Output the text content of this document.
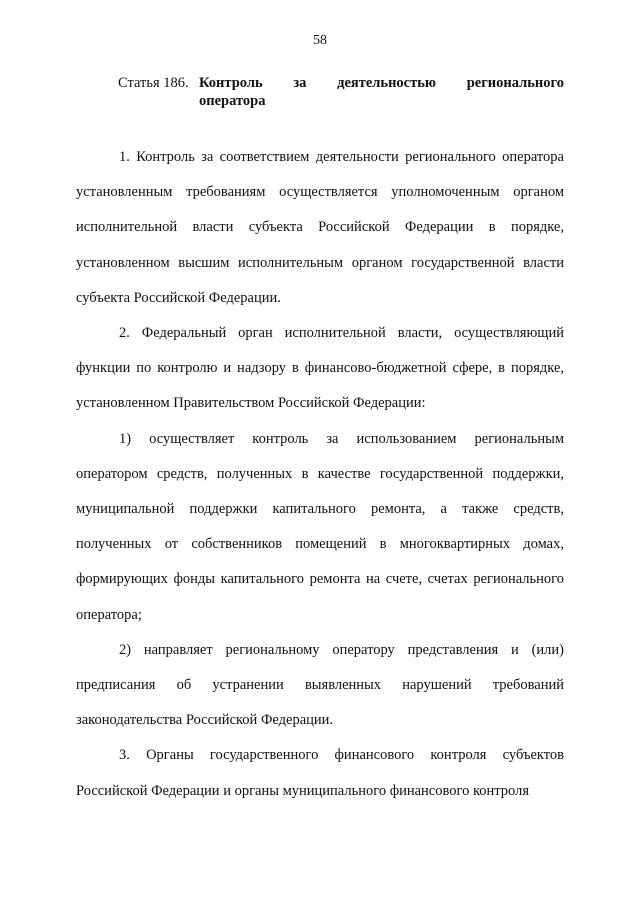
58
Статья 186. Контроль за деятельностью регионального
оператора

1. Контроль за соответствием деятельности регионального оператора установленным требованиям осуществляется уполномоченным органом исполнительной власти субъекта Российской Федерации в порядке, установленном высшим исполнительным органом государственной власти субъекта Российской Федерации.

2. Федеральный орган исполнительной власти, осуществляющий функции по контролю и надзору в финансово-бюджетной сфере, в порядке, установленном Правительством Российской Федерации:

1) осуществляет контроль за использованием региональным оператором средств, полученных в качестве государственной поддержки, муниципальной поддержки капитального ремонта, а также средств, полученных от собственников помещений в многоквартирных домах, формирующих фонды капитального ремонта на счете, счетах регионального оператора;

2) направляет региональному оператору представления и (или) предписания об устранении выявленных нарушений требований законодательства Российской Федерации.

3. Органы государственного финансового контроля субъектов Российской Федерации и органы муниципального финансового контроля
